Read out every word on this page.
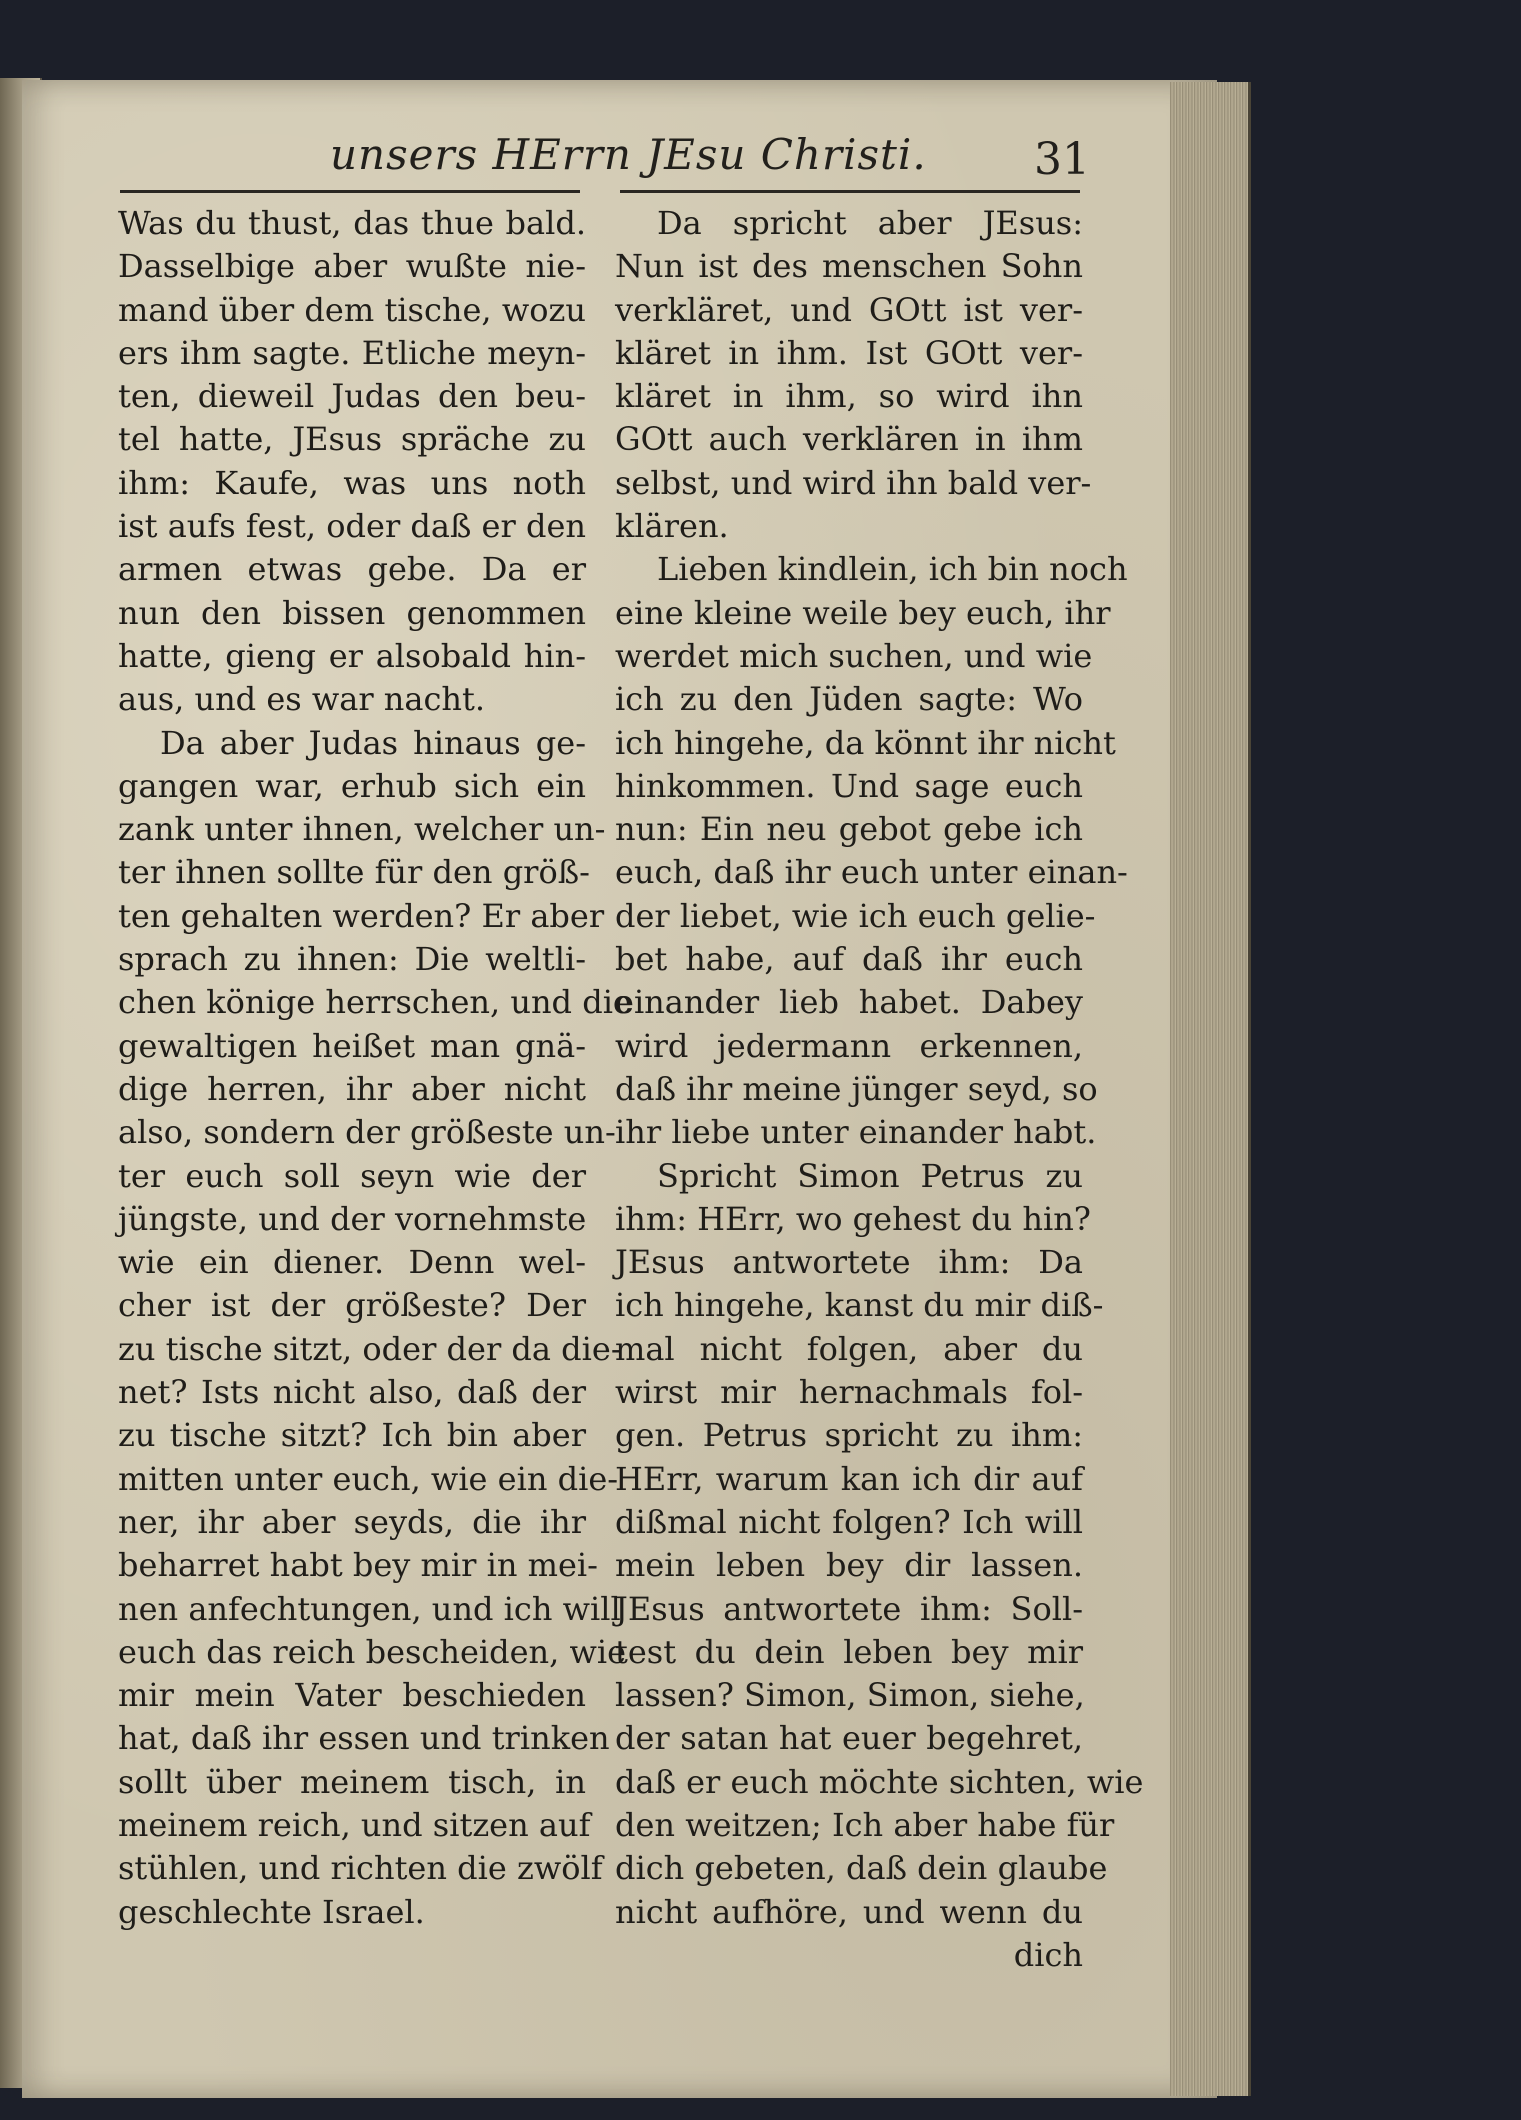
unsers HErrn JEsu Christi. 31
Was du thust, das thue bald.
Dasselbige aber wußte nie-
mand über dem tische, wozu
ers ihm sagte. Etliche meyn-
ten, dieweil Judas den beu-
tel hatte, JEsus spräche zu
ihm: Kaufe, was uns noth
ist aufs fest, oder daß er den
armen etwas gebe. Da er
nun den bissen genommen
hatte, gieng er alsobald hin-
aus, und es war nacht.
Da aber Judas hinaus ge-
gangen war, erhub sich ein
zank unter ihnen, welcher un-
ter ihnen sollte für den größ-
ten gehalten werden? Er aber
sprach zu ihnen: Die weltli-
chen könige herrschen, und die
gewaltigen heißet man gnä-
dige herren, ihr aber nicht
also, sondern der größeste un-
ter euch soll seyn wie der
jüngste, und der vornehmste
wie ein diener. Denn wel-
cher ist der größeste? Der
zu tische sitzt, oder der da die-
net? Ists nicht also, daß der
zu tische sitzt? Ich bin aber
mitten unter euch, wie ein die-
ner, ihr aber seyds, die ihr
beharret habt bey mir in mei-
nen anfechtungen, und ich will
euch das reich bescheiden, wie
mir mein Vater beschieden
hat, daß ihr essen und trinken
sollt über meinem tisch, in
meinem reich, und sitzen auf
stühlen, und richten die zwölf
geschlechte Israel.
Da spricht aber JEsus:
Nun ist des menschen Sohn
verkläret, und GOtt ist ver-
kläret in ihm. Ist GOtt ver-
kläret in ihm, so wird ihn
GOtt auch verklären in ihm
selbst, und wird ihn bald ver-
klären.
Lieben kindlein, ich bin noch
eine kleine weile bey euch, ihr
werdet mich suchen, und wie
ich zu den Jüden sagte: Wo
ich hingehe, da könnt ihr nicht
hinkommen. Und sage euch
nun: Ein neu gebot gebe ich
euch, daß ihr euch unter einan-
der liebet, wie ich euch gelie-
bet habe, auf daß ihr euch
einander lieb habet. Dabey
wird jedermann erkennen,
daß ihr meine jünger seyd, so
ihr liebe unter einander habt.
Spricht Simon Petrus zu
ihm: HErr, wo gehest du hin?
JEsus antwortete ihm: Da
ich hingehe, kanst du mir diß-
mal nicht folgen, aber du
wirst mir hernachmals fol-
gen. Petrus spricht zu ihm:
HErr, warum kan ich dir auf
dißmal nicht folgen? Ich will
mein leben bey dir lassen.
JEsus antwortete ihm: Soll-
test du dein leben bey mir
lassen? Simon, Simon, siehe,
der satan hat euer begehret,
daß er euch möchte sichten, wie
den weitzen; Ich aber habe für
dich gebeten, daß dein glaube
nicht aufhöre, und wenn du
dich
